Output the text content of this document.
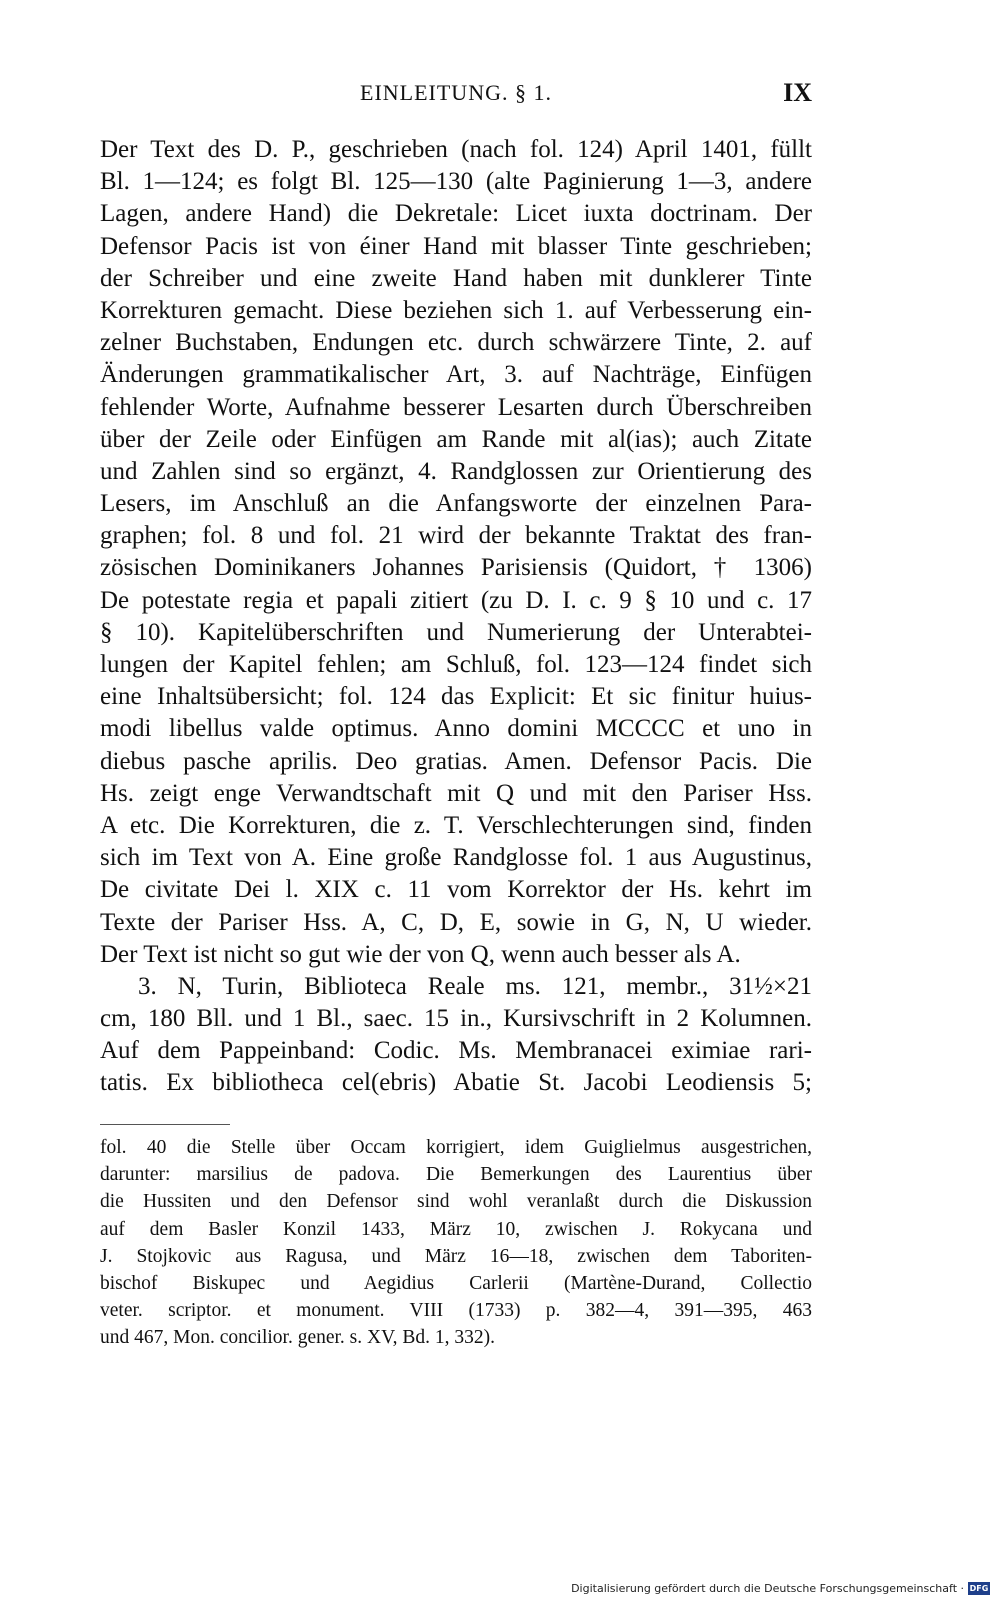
EINLEITUNG. § 1.	IX
Der Text des D. P., geschrieben (nach fol. 124) April 1401, füllt
Bl. 1—124; es folgt Bl. 125—130 (alte Paginierung 1—3, andere
Lagen, andere Hand) die Dekretale: Licet iuxta doctrinam. Der
Defensor Pacis ist von éiner Hand mit blasser Tinte geschrieben;
der Schreiber und eine zweite Hand haben mit dunklerer Tinte
Korrekturen gemacht. Diese beziehen sich 1. auf Verbesserung ein-
zelner Buchstaben, Endungen etc. durch schwärzere Tinte, 2. auf
Änderungen grammatikalischer Art, 3. auf Nachträge, Einfügen
fehlender Worte, Aufnahme besserer Lesarten durch Überschreiben
über der Zeile oder Einfügen am Rande mit al(ias); auch Zitate
und Zahlen sind so ergänzt, 4. Randglossen zur Orientierung des
Lesers, im Anschluß an die Anfangsworte der einzelnen Para-
graphen; fol. 8 und fol. 21 wird der bekannte Traktat des fran-
zösischen Dominikaners Johannes Parisiensis (Quidort, † 1306)
De potestate regia et papali zitiert (zu D. I. c. 9 § 10 und c. 17
§ 10). Kapitelüberschriften und Numerierung der Unterabtei-
lungen der Kapitel fehlen; am Schluß, fol. 123—124 findet sich
eine Inhaltsübersicht; fol. 124 das Explicit: Et sic finitur huius-
modi libellus valde optimus. Anno domini MCCCC et uno in
diebus pasche aprilis. Deo gratias. Amen. Defensor Pacis. Die
Hs. zeigt enge Verwandtschaft mit Q und mit den Pariser Hss.
A etc. Die Korrekturen, die z. T. Verschlechterungen sind, finden
sich im Text von A. Eine große Randglosse fol. 1 aus Augustinus,
De civitate Dei l. XIX c. 11 vom Korrektor der Hs. kehrt im
Texte der Pariser Hss. A, C, D, E, sowie in G, N, U wieder.
Der Text ist nicht so gut wie der von Q, wenn auch besser als A.
3. N, Turin, Biblioteca Reale ms. 121, membr., 31½×21
cm, 180 Bll. und 1 Bl., saec. 15 in., Kursivschrift in 2 Kolumnen.
Auf dem Pappeinband: Codic. Ms. Membranacei eximiae rari-
tatis. Ex bibliotheca cel(ebris) Abatie St. Jacobi Leodiensis 5;
fol. 40 die Stelle über Occam korrigiert, idem Guiglielmus ausgestrichen,
darunter: marsilius de padova. Die Bemerkungen des Laurentius über
die Hussiten und den Defensor sind wohl veranlaßt durch die Diskussion
auf dem Basler Konzil 1433, März 10, zwischen J. Rokycana und
J. Stojkovic aus Ragusa, und März 16—18, zwischen dem Taboriten-
bischof Biskupec und Aegidius Carlerii (Martène-Durand, Collectio
veter. scriptor. et monument. VIII (1733) p. 382—4, 391—395, 463
und 467, Mon. concilior. gener. s. XV, Bd. 1, 332).
Digitalisierung gefördert durch die Deutsche Forschungsgemeinschaft · DFG
